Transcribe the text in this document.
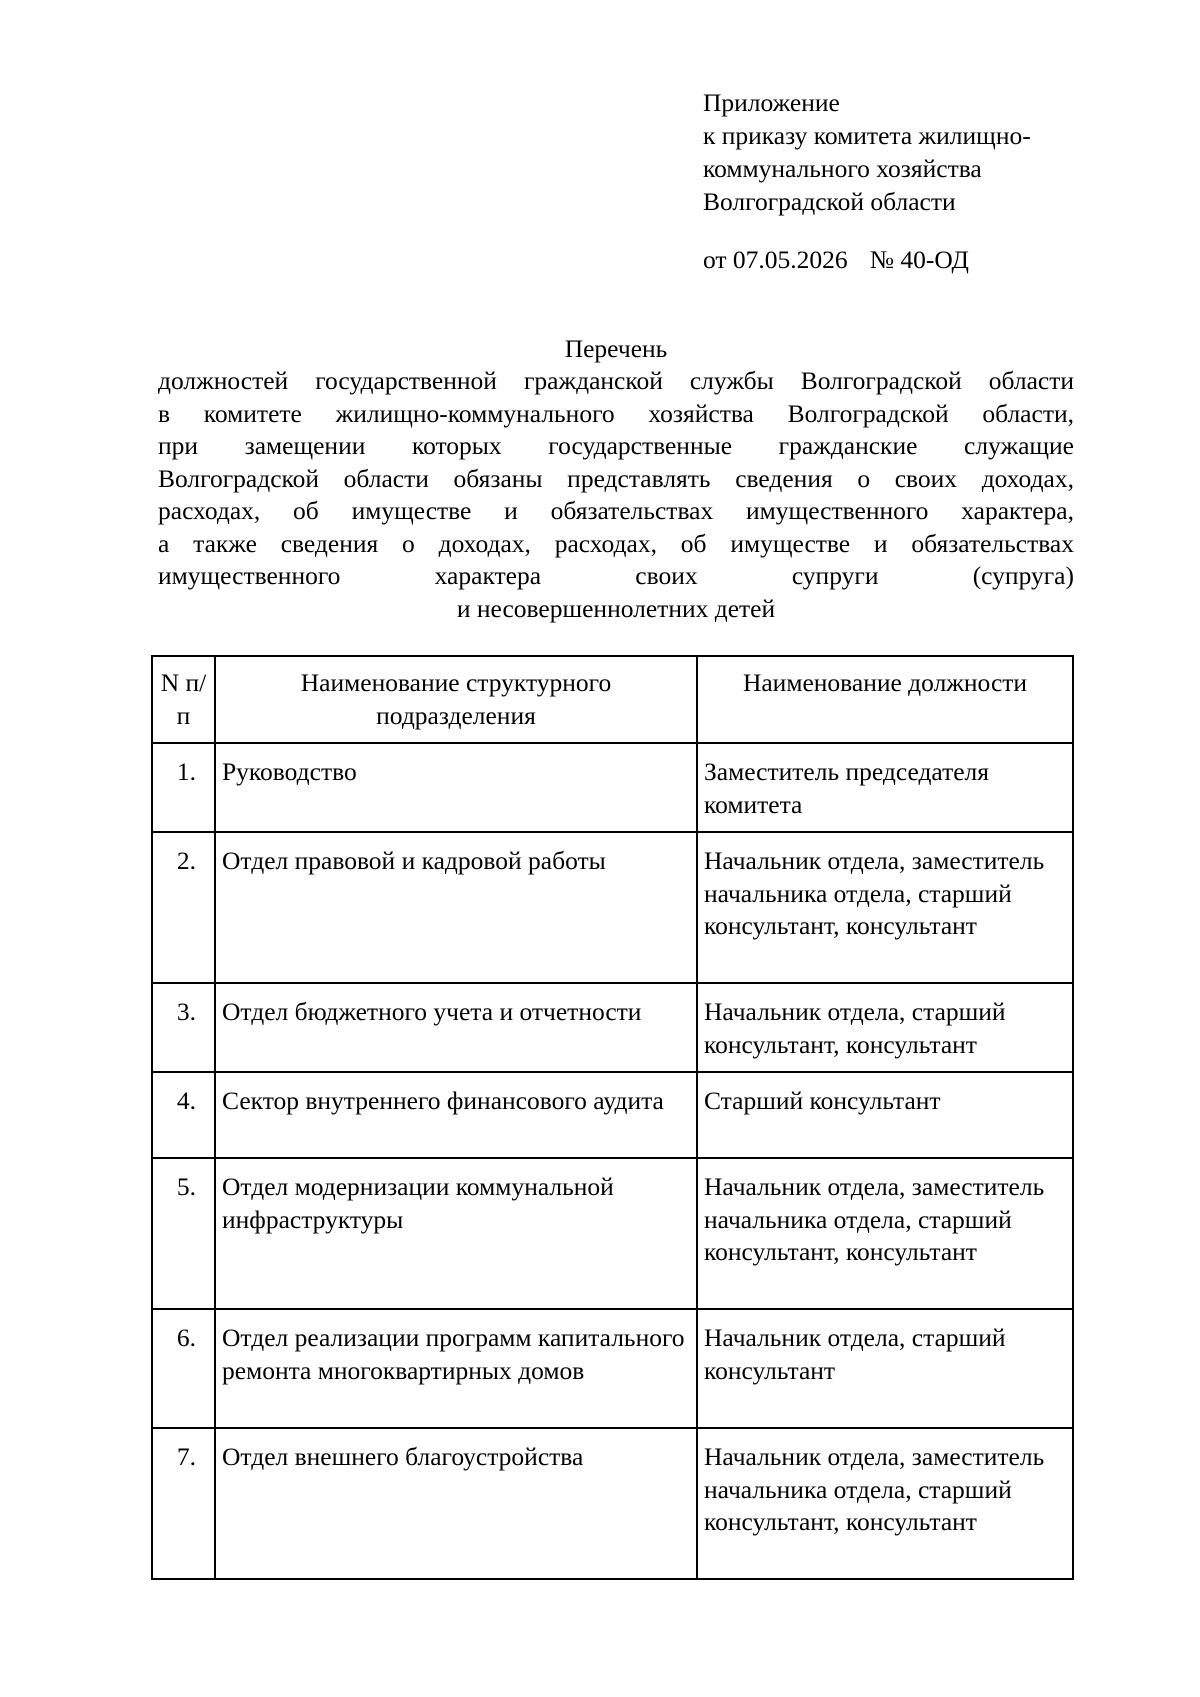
Приложение
к приказу комитета жилищно-
коммунального хозяйства
Волгоградской области
от 07.05.2026 № 40-ОД
Перечень
должностей государственной гражданской службы Волгоградской области
в комитете жилищно-коммунального хозяйства Волгоградской области,
при замещении которых государственные гражданские служащие
Волгоградской области обязаны представлять сведения о своих доходах,
расходах, об имуществе и обязательствах имущественного характера,
а также сведения о доходах, расходах, об имуществе и обязательствах
имущественного характера своих супруги (супруга)
и несовершеннолетних детей
N п/п	Наименование структурного подразделения	Наименование должности
1.	Руководство	Заместитель председателя комитета
2.	Отдел правовой и кадровой работы	Начальник отдела, заместитель начальника отдела, старший консультант, консультант
3.	Отдел бюджетного учета и отчетности	Начальник отдела, старший консультант, консультант
4.	Сектор внутреннего финансового аудита	Старший консультант
5.	Отдел модернизации коммунальной инфраструктуры	Начальник отдела, заместитель начальника отдела, старший консультант, консультант
6.	Отдел реализации программ капитального ремонта многоквартирных домов	Начальник отдела, старший консультант
7.	Отдел внешнего благоустройства	Начальник отдела, заместитель начальника отдела, старший консультант, консультант
